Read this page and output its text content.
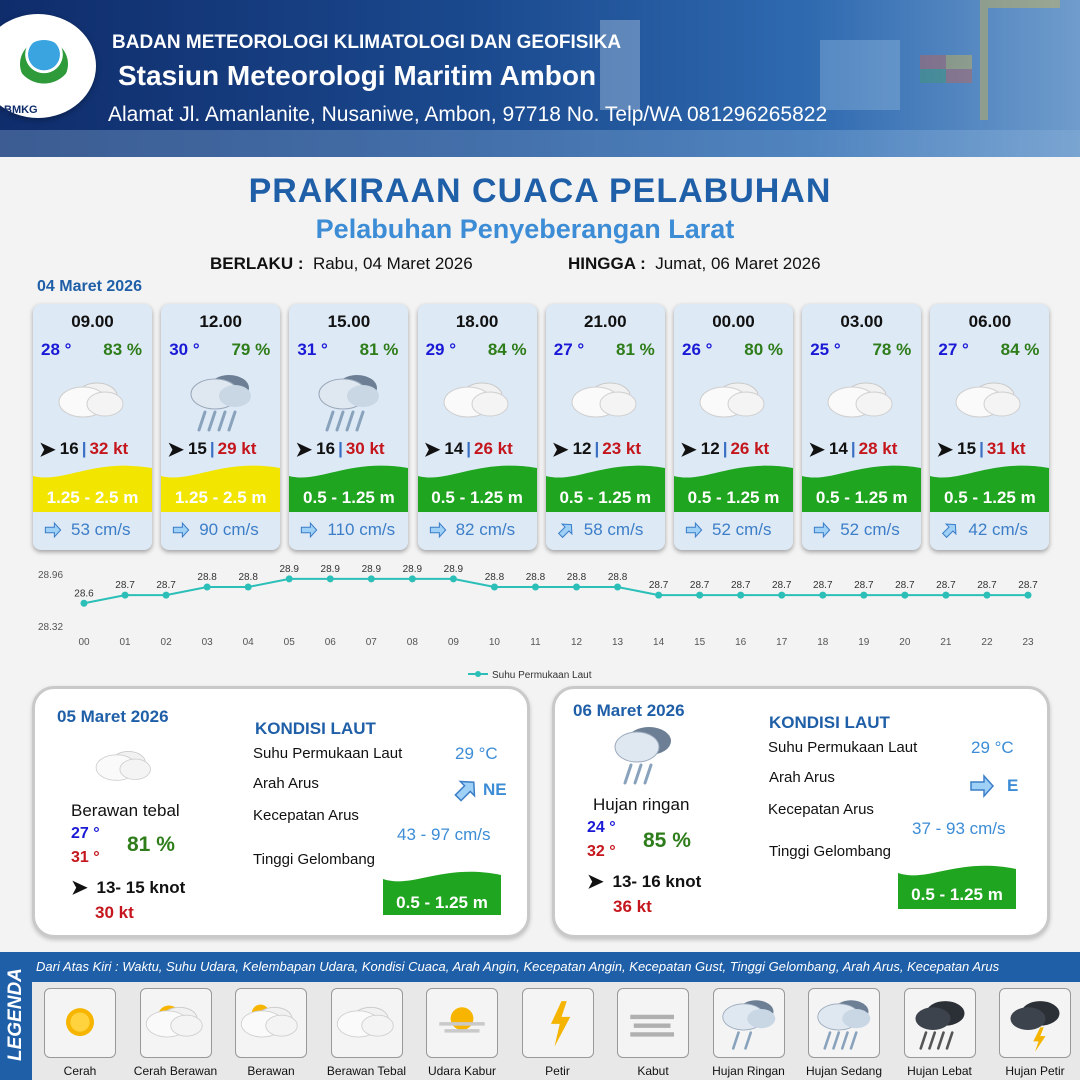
BMKG
BADAN METEOROLOGI KLIMATOLOGI DAN GEOFISIKA
Stasiun Meteorologi Maritim Ambon
Alamat Jl. Amanlanite, Nusaniwe, Ambon, 97718 No. Telp/WA 081296265822
PRAKIRAAN CUACA PELABUHAN
Pelabuhan Penyeberangan Larat
BERLAKU : Rabu, 04 Maret 2026	HINGGA : Jumat, 06 Maret 2026
04 Maret 2026
09.00
28 ° 83 %
➤ 16 | 32 kt
1.25 - 2.5 m
53 cm/s
12.00
30 ° 79 %
➤ 15 | 29 kt
1.25 - 2.5 m
90 cm/s
15.00
31 ° 81 %
➤ 16 | 30 kt
0.5 - 1.25 m
110 cm/s
18.00
29 ° 84 %
➤ 14 | 26 kt
0.5 - 1.25 m
82 cm/s
21.00
27 ° 81 %
➤ 12 | 23 kt
0.5 - 1.25 m
58 cm/s
00.00
26 ° 80 %
➤ 12 | 26 kt
0.5 - 1.25 m
52 cm/s
03.00
25 ° 78 %
➤ 14 | 28 kt
0.5 - 1.25 m
52 cm/s
06.00
27 ° 84 %
➤ 15 | 31 kt
0.5 - 1.25 m
42 cm/s
28.96
28.32
28.6
00
28.7
01
28.7
02
28.8
03
28.8
04
28.9
05
28.9
06
28.9
07
28.9
08
28.9
09
28.8
10
28.8
11
28.8
12
28.8
13
28.7
14
28.7
15
28.7
16
28.7
17
28.7
18
28.7
19
28.7
20
28.7
21
28.7
22
28.7
23
Suhu Permukaan Laut
05 Maret 2026
Berawan tebal
27 °
31 °
81 %
➤
13- 15 knot
30 kt
KONDISI LAUT
Suhu Permukaan Laut	29 °C
Arah Arus	NE
Kecepatan Arus
43 - 97 cm/s
Tinggi Gelombang
0.5 - 1.25 m
06 Maret 2026
Hujan ringan
24 °
32 ° 85 %
➤
13- 16 knot
36 kt
KONDISI LAUT
Suhu Permukaan Laut	29 °C
Arah Arus	E
Kecepatan Arus
37 - 93 cm/s
Tinggi Gelombang
0.5 - 1.25 m
LEGENDA
Dari Atas Kiri : Waktu, Suhu Udara, Kelembapan Udara, Kondisi Cuaca, Arah Angin, Kecepatan Angin, Kecepatan Gust, Tinggi Gelombang, Arah Arus, Kecepatan Arus
Cerah	Cerah Berawan	Berawan	Berawan Tebal	Udara Kabur	Petir	Kabut	Hujan Ringan	Hujan Sedang	Hujan Lebat	Hujan Petir
